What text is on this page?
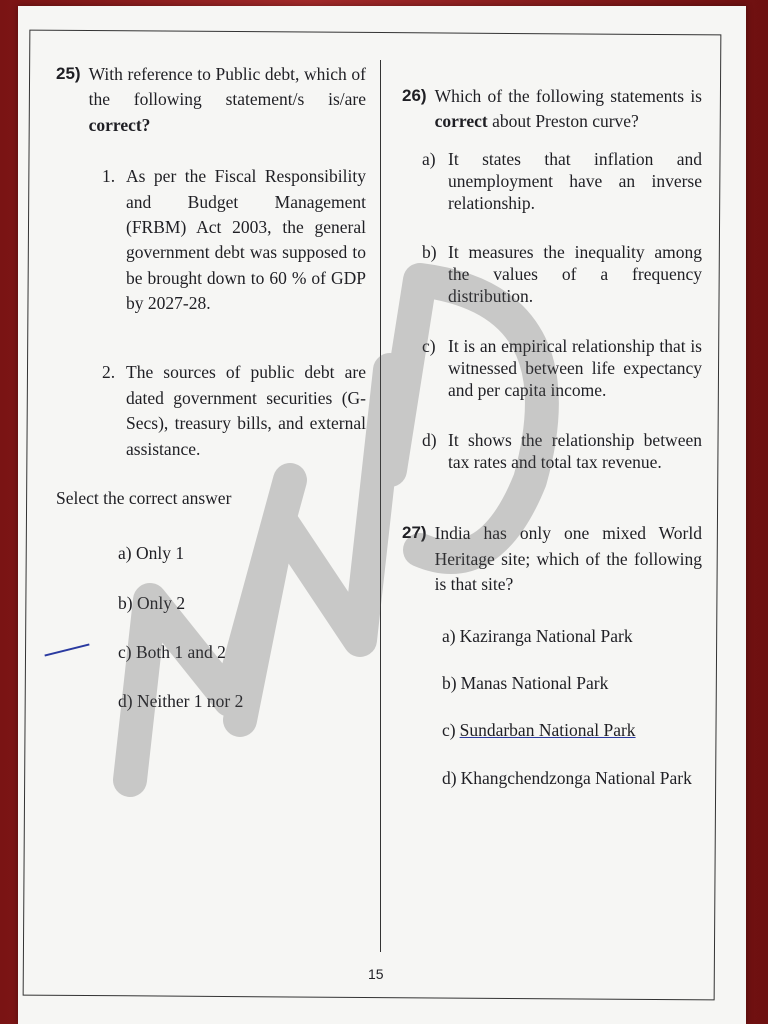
25) With reference to Public debt, which of the following statement/s is/are correct?
1. As per the Fiscal Responsibility and Budget Management (FRBM) Act 2003, the general government debt was supposed to be brought down to 60 % of GDP by 2027-28.
2. The sources of public debt are dated government securities (G-Secs), treasury bills, and external assistance.
Select the correct answer
a) Only 1
b) Only 2
c) Both 1 and 2
d) Neither 1 nor 2
26) Which of the following statements is correct about Preston curve?
a) It states that inflation and unemployment have an inverse relationship.
b) It measures the inequality among the values of a frequency distribution.
c) It is an empirical relationship that is witnessed between life expectancy and per capita income.
d) It shows the relationship between tax rates and total tax revenue.
27) India has only one mixed World Heritage site; which of the following is that site?
a) Kaziranga National Park
b) Manas National Park
c) Sundarban National Park
d) Khangchendzonga National Park
15
